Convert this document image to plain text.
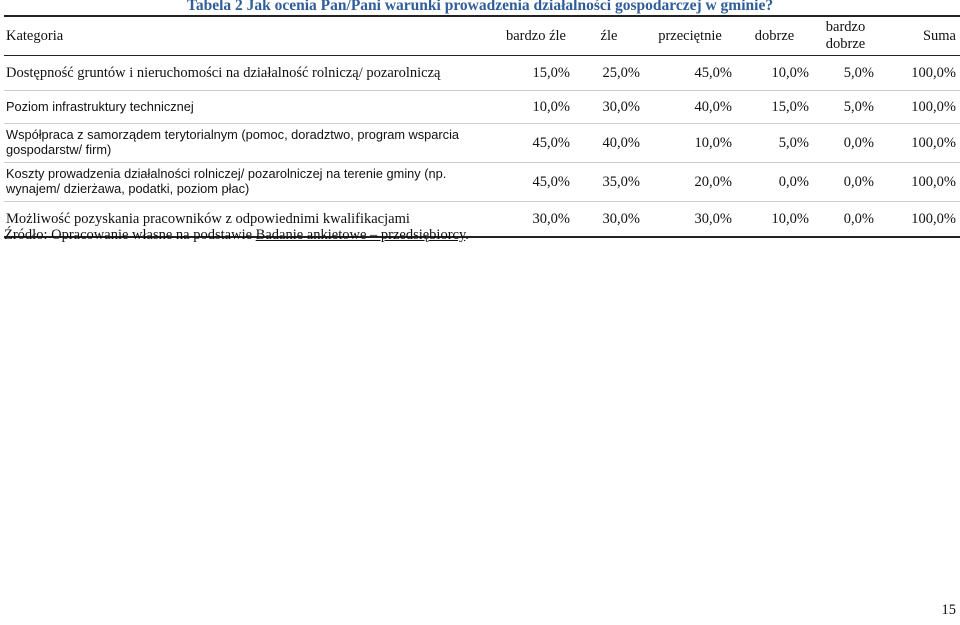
Tabela 2 Jak ocenia Pan/Pani warunki prowadzenia działalności gospodarczej w gminie?
Kategoria	bardzo źle	źle	przeciętnie	dobrze	bardzo dobrze	Suma
Dostępność gruntów i nieruchomości na działalność rolniczą/ pozarolniczą	15,0%	25,0%	45,0%	10,0%	5,0%	100,0%
Poziom infrastruktury technicznej	10,0%	30,0%	40,0%	15,0%	5,0%	100,0%
Współpraca z samorządem terytorialnym (pomoc, doradztwo, program wsparcia gospodarstw/ firm)	45,0%	40,0%	10,0%	5,0%	0,0%	100,0%
Koszty prowadzenia działalności rolniczej/ pozarolniczej na terenie gminy (np. wynajem/ dzierżawa, podatki, poziom płac)	45,0%	35,0%	20,0%	0,0%	0,0%	100,0%
Możliwość pozyskania pracowników z odpowiednimi kwalifikacjami	30,0%	30,0%	30,0%	10,0%	0,0%	100,0%
Źródło: Opracowanie własne na podstawie Badanie ankietowe – przedsiębiorcy.
15
